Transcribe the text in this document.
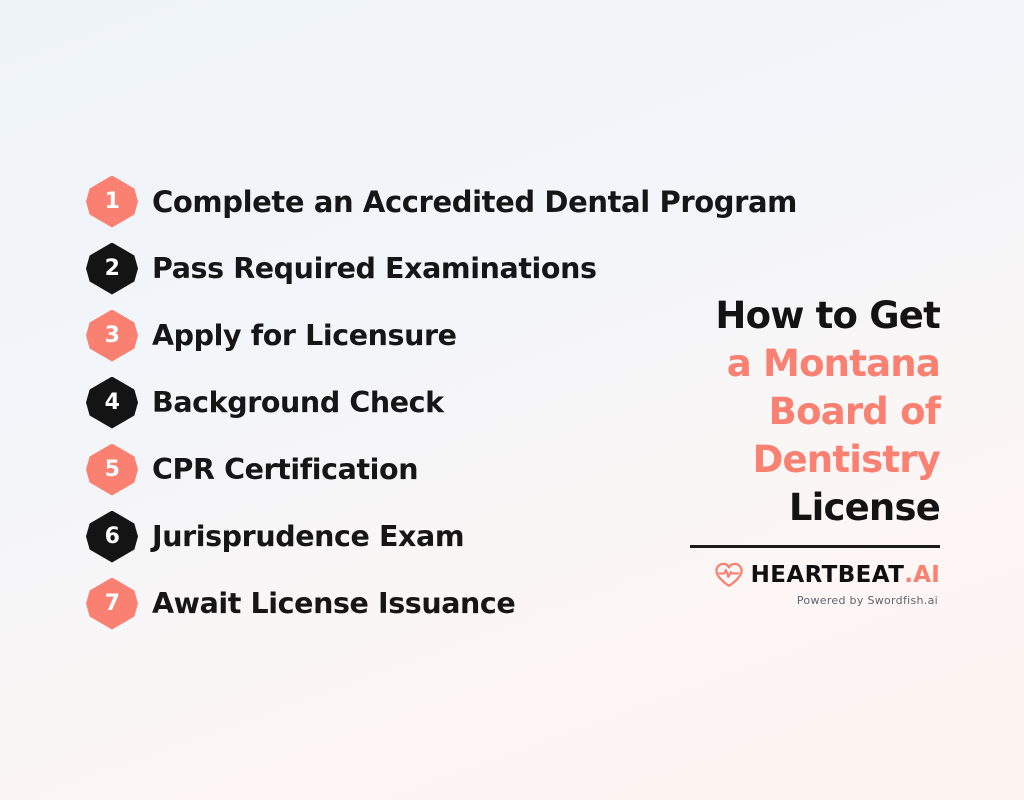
1 Complete an Accredited Dental Program
2 Pass Required Examinations
3 Apply for Licensure
4 Background Check
5 CPR Certification
6 Jurisprudence Exam
7 Await License Issuance
How to Get
a Montana
Board of
Dentistry
License
HEARTBEAT.AI
Powered by Swordfish.ai
